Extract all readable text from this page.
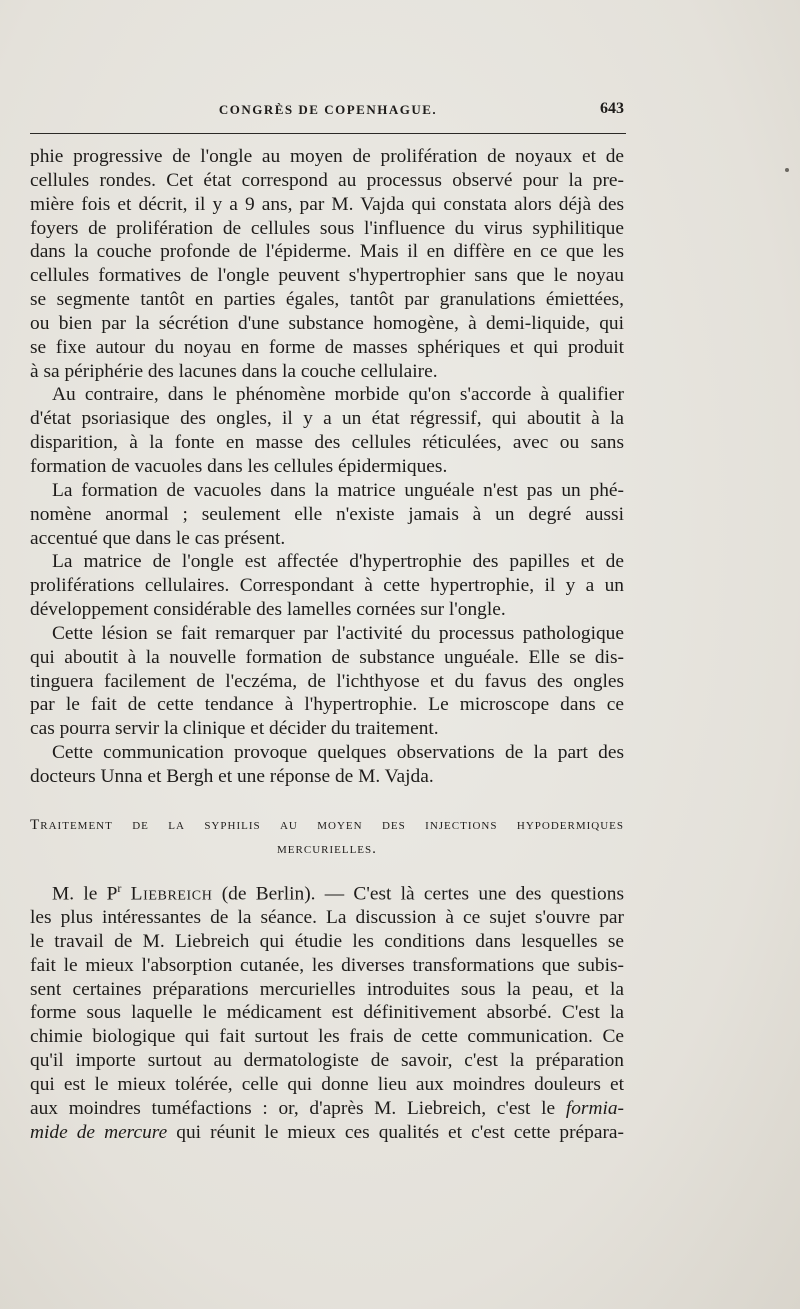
CONGRÈS DE COPENHAGUE.	643
phie progressive de l'ongle au moyen de prolifération de noyaux et de
cellules rondes. Cet état correspond au processus observé pour la pre-
mière fois et décrit, il y a 9 ans, par M. Vajda qui constata alors déjà des
foyers de prolifération de cellules sous l'influence du virus syphilitique
dans la couche profonde de l'épiderme. Mais il en diffère en ce que les
cellules formatives de l'ongle peuvent s'hypertrophier sans que le noyau
se segmente tantôt en parties égales, tantôt par granulations émiettées,
ou bien par la sécrétion d'une substance homogène, à demi-liquide, qui
se fixe autour du noyau en forme de masses sphériques et qui produit
à sa périphérie des lacunes dans la couche cellulaire.
Au contraire, dans le phénomène morbide qu'on s'accorde à qualifier
d'état psoriasique des ongles, il y a un état régressif, qui aboutit à la
disparition, à la fonte en masse des cellules réticulées, avec ou sans
formation de vacuoles dans les cellules épidermiques.
La formation de vacuoles dans la matrice unguéale n'est pas un phé-
nomène anormal ; seulement elle n'existe jamais à un degré aussi
accentué que dans le cas présent.
La matrice de l'ongle est affectée d'hypertrophie des papilles et de
proliférations cellulaires. Correspondant à cette hypertrophie, il y a un
développement considérable des lamelles cornées sur l'ongle.
Cette lésion se fait remarquer par l'activité du processus pathologique
qui aboutit à la nouvelle formation de substance unguéale. Elle se dis-
tinguera facilement de l'eczéma, de l'ichthyose et du favus des ongles
par le fait de cette tendance à l'hypertrophie. Le microscope dans ce
cas pourra servir la clinique et décider du traitement.
Cette communication provoque quelques observations de la part des
docteurs Unna et Bergh et une réponse de M. Vajda.
Traitement de la syphilis au moyen des injections hypodermiques
mercurielles.
M. le $P^r$ Liebreich (de Berlin). — C'est là certes une des questions
les plus intéressantes de la séance. La discussion à ce sujet s'ouvre par
le travail de M. Liebreich qui étudie les conditions dans lesquelles se
fait le mieux l'absorption cutanée, les diverses transformations que subis-
sent certaines préparations mercurielles introduites sous la peau, et la
forme sous laquelle le médicament est définitivement absorbé. C'est la
chimie biologique qui fait surtout les frais de cette communication. Ce
qu'il importe surtout au dermatologiste de savoir, c'est la préparation
qui est le mieux tolérée, celle qui donne lieu aux moindres douleurs et
aux moindres tuméfactions : or, d'après M. Liebreich, c'est le formia-
mide de mercure qui réunit le mieux ces qualités et c'est cette prépara-
